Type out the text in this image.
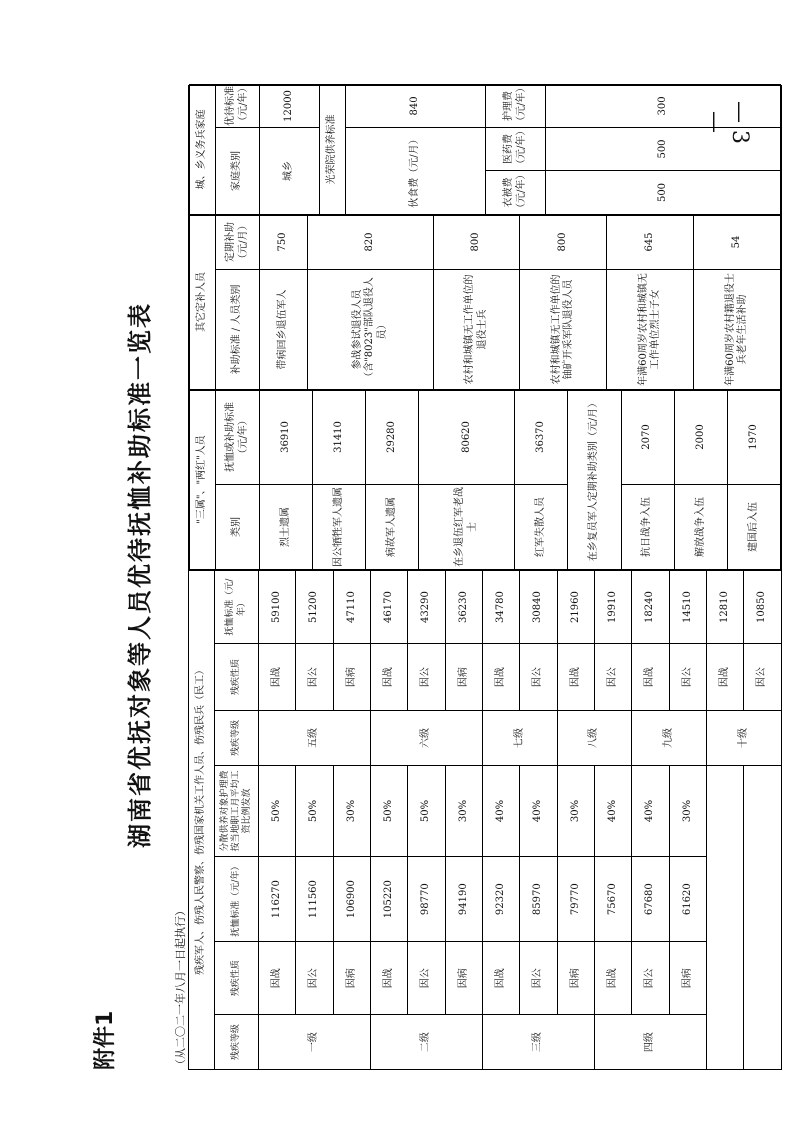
— 3 —
附件1
湖南省优抚对象等人员优待抚恤补助标准一览表
（从二〇二一年八月一日起执行）
残疾军人、伤残人民警察、伤残国家机关工作人员、伤残民兵（民工）						
残疾等级	残疾性质	抚恤标准（元/年）	分散供养对象护理费按当地职工月平均工资比例发放	残疾等级	残疾性质	抚恤标准（元/年）
一级	因战	116270	50%	五级	因战	59100
	因公	111560	50%		因公	51200
	因病	106900	30%		因病	47110
二级	因战	105220	50%	六级	因战	46170
	因公	98770	50%		因公	43290
	因病	94190	30%		因病	36230
三级	因战	92320	40%	七级	因战	34780
	因公	85970	40%		因公	30840
	因病	79770	30%	八级	因战	21960
四级	因战	75670	40%		因公	19910
	因公	67680	40%	九级	因战	18240
	因病	61620	30%		因公	14510
				十级	因战	12810
					因公	10850
"三属"、"两红"人员	
类别	抚恤或补助标准（元/年）
烈士遗属	36910
因公牺牲军人遗属	31410
病故军人遗属	29280
在乡退伍红军老战士	80620
红军失散人员	36370
在乡复员军人定期补助类别（元/月）	
抗日战争入伍	2070
解放战争入伍	2000
建国后入伍	1970
其它定补人员	
补助标准 / 人员类别	定期补助（元/月）
带病回乡退伍军人	750
参战参试退役人员（含"8023"部队退役人员）	820
农村和城镇无工作单位的退役士兵	800
农村和城镇无工作单位的铀矿开采军队退役人员	800
年满60周岁农村和城镇无工作单位烈士子女	645
年满60周岁农村籍退役士兵老年生活补助	54
城、乡义务兵家庭		
家庭类别		优待标准（元/年）
城乡		12000
光荣院供养标准		
伙食费（元/月）		840
衣被费（元/年）	医药费（元/年）	护理费（元/年）
500	500	300
